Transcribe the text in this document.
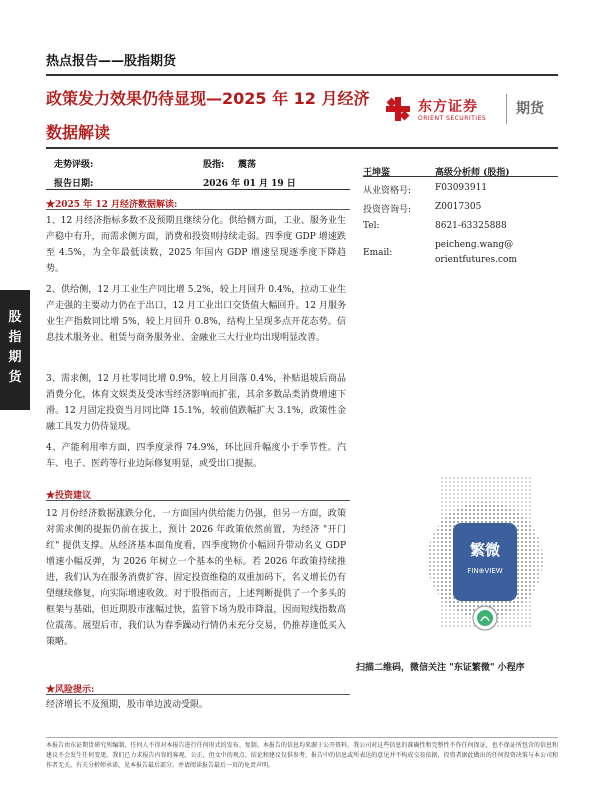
热点报告——股指期货
政策发力效果仍待显现—2025 年 12 月经济数据解读
东方证券
ORIENT SECURITIES
期货
走势评级:	股指: 震荡
报告日期:	2026 年 01 月 19 日
股指期货
★2025 年 12 月经济数据解读:
1、12 月经济指标多数不及预期且继续分化。供给侧方面，工业、服务业生产稳中有升，而需求侧方面，消费和投资则持续走弱。四季度 GDP 增速跌至 4.5%，为全年最低读数，2025 年国内 GDP 增速呈现逐季度下降趋势。
2、供给侧，12 月工业生产同比增 5.2%，较上月回升 0.4%，拉动工业生产走强的主要动力仍在于出口，12 月工业出口交货值大幅回升。12 月服务业生产指数同比增 5%，较上月回升 0.8%，结构上呈现多点开花态势。信息技术服务业、租赁与商务服务业、金融业三大行业均出现明显改善。
3、需求侧，12 月社零同比增 0.9%，较上月回落 0.4%，补贴退坡后商品消费分化，体育文娱类及受冰雪经济影响而扩张，其余多数品类消费增速下滑。12 月固定投资当月同比降 15.1%，较前值跌幅扩大 3.1%，政策性金融工具发力仍待显现。
4、产能利用率方面，四季度录得 74.9%，环比回升幅度小于季节性。汽车、电子、医药等行业边际修复明显，或受出口提振。
★投资建议
12 月份经济数据涨跌分化，一方面国内供给能力仍强，但另一方面，政策对需求侧的提振仍前在拔上，预计 2026 年政策依然前置，为经济 "开门红" 提供支撑。从经济基本面角度看，四季度物价小幅回升带动名义 GDP 增速小幅反弹，为 2026 年树立一个基本的坐标。若 2026 年政策持续推进，我们认为在服务消费扩容、固定投资维稳的双重加码下，名义增长仍有望继续修复，向实际增速收敛。对于股指而言，上述判断提供了一个多头的框架与基础，但近期股市涨幅过快，监管下场为股市降温，因而短线指数高位震荡。展望后市，我们认为春季躁动行情仍未充分交易，仍推荐逢低买入策略。
★风险提示:
经济增长不及预期，股市单边波动受限。
王坤鉴	高级分析师 (股指)
从业资格号:	F03093911
投资咨询号:	Z0017305
Tel:	8621-63325888
Email:
peicheng.wang@
orientfutures.com
繁微
FIN⊕VIEW
扫描二维码，微信关注 "东证繁微" 小程序
本报告由东证期货研究所编制，任何人不得对本报告进行任何形式的发布、复制。本报告的信息均来源于公开资料，我公司对这些信息的准确性和完整性不作任何保证，也不保证所包含的信息和建议不会发生任何变更。我们已力求报告内容的客观、公正，但文中的观点、结论和建议仅供参考，报告中的信息或所表达的意见并不构成交易依据，投资者据此做出的任何投资决策与本公司和作者无关。有关分析师承诺，见本报告最后部分。并请阅读报告最后一页的免责声明。
